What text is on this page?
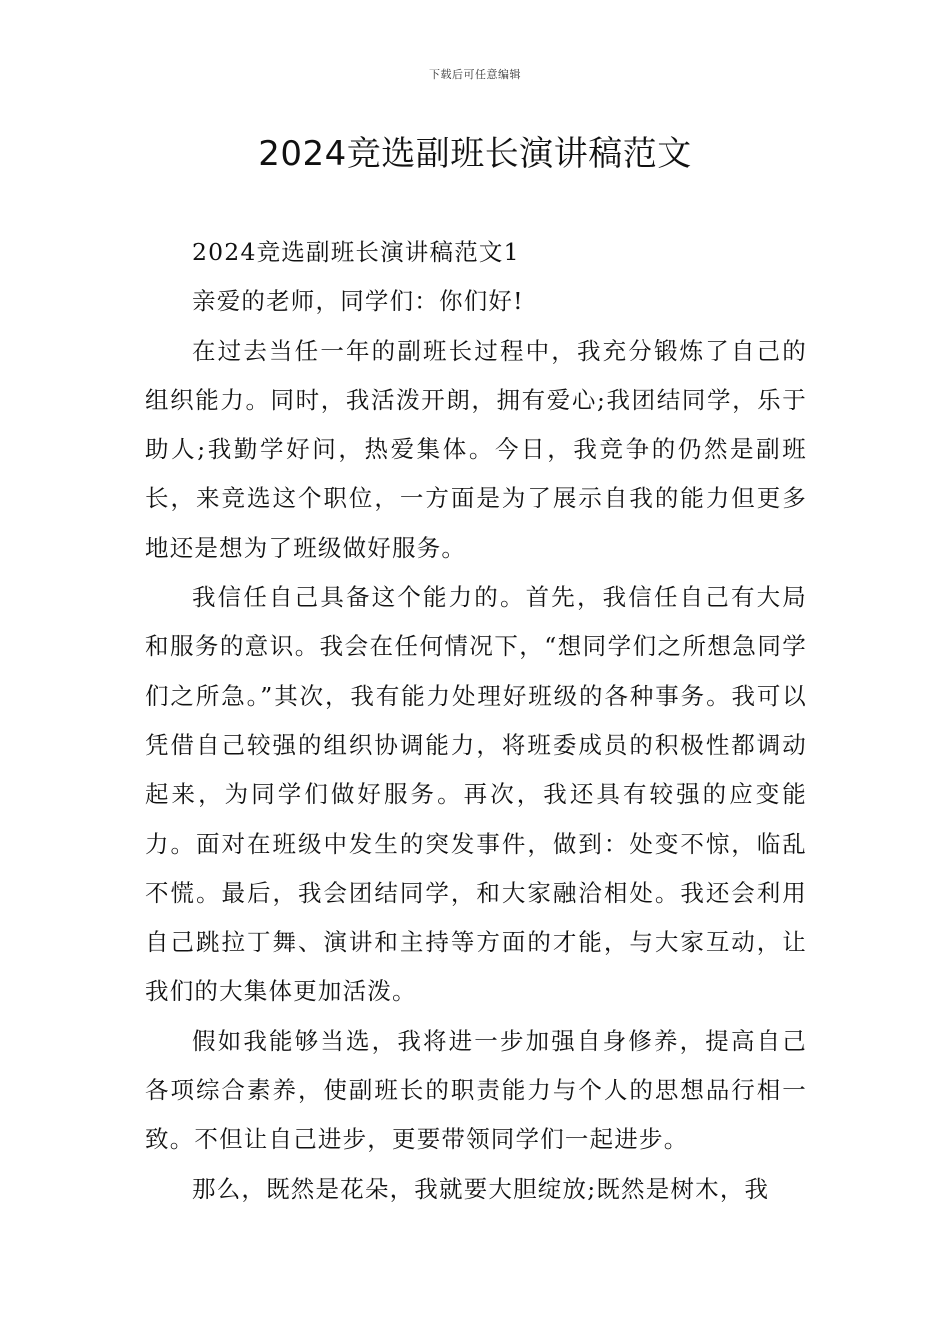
下载后可任意编辑
2024竞选副班长演讲稿范文

2024竞选副班长演讲稿范文1

亲爱的老师，同学们：你们好!

在过去当任一年的副班长过程中，我充分锻炼了自己的组织能力。同时，我活泼开朗，拥有爱心;我团结同学，乐于助人;我勤学好问，热爱集体。今日，我竞争的仍然是副班长，来竞选这个职位，一方面是为了展示自我的能力但更多地还是想为了班级做好服务。

我信任自己具备这个能力的。首先，我信任自己有大局和服务的意识。我会在任何情况下，“想同学们之所想急同学们之所急。”其次，我有能力处理好班级的各种事务。我可以凭借自己较强的组织协调能力，将班委成员的积极性都调动起来，为同学们做好服务。再次，我还具有较强的应变能力。面对在班级中发生的突发事件，做到：处变不惊，临乱不慌。最后，我会团结同学，和大家融洽相处。我还会利用自己跳拉丁舞、演讲和主持等方面的才能，与大家互动，让我们的大集体更加活泼。

假如我能够当选，我将进一步加强自身修养，提高自己各项综合素养，使副班长的职责能力与个人的思想品行相一致。不但让自己进步，更要带领同学们一起进步。

那么，既然是花朵，我就要大胆绽放;既然是树木，我
